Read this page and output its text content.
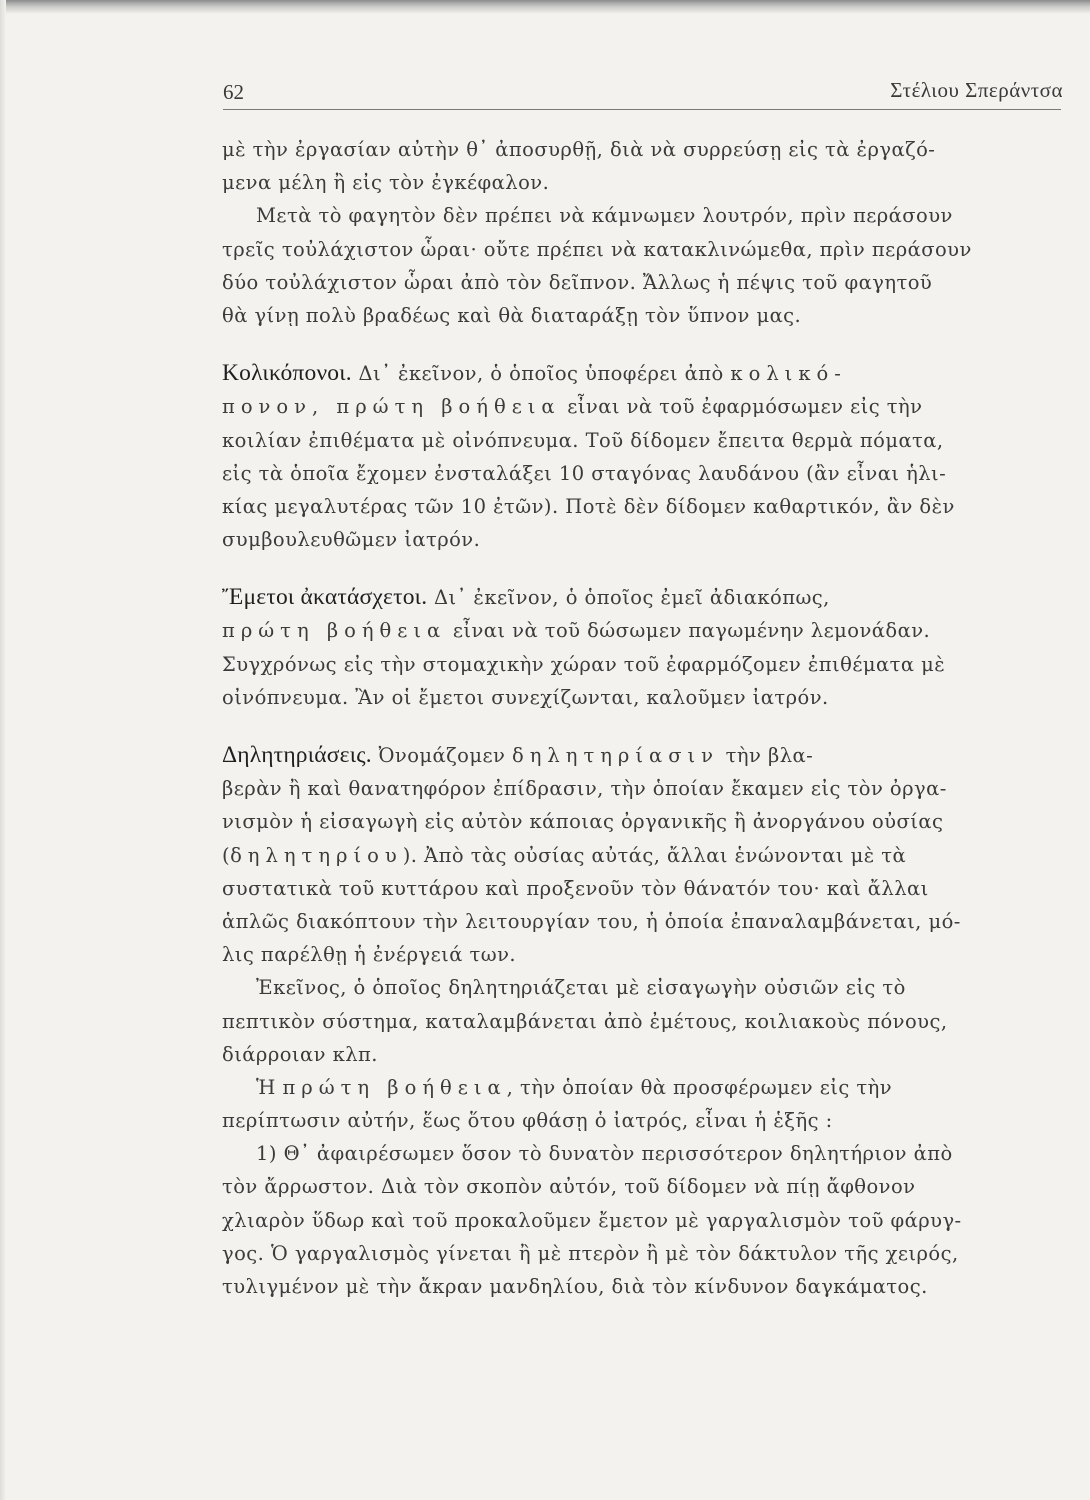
62	Στέλιου Σπεράντσα
μὲ τὴν ἐργασίαν αὐτὴν θ᾽ ἀποσυρθῇ, διὰ νὰ συρρεύσῃ εἰς τὰ ἐργαζό-
μενα μέλη ἢ εἰς τὸν ἐγκέφαλον.
Μετὰ τὸ φαγητὸν δὲν πρέπει νὰ κάμνωμεν λουτρόν, πρὶν περάσουν
τρεῖς τοὐλάχιστον ὧραι· οὔτε πρέπει νὰ κατακλινώμεθα, πρὶν περάσουν
δύο τοὐλάχιστον ὧραι ἀπὸ τὸν δεῖπνον. Ἄλλως ἡ πέψις τοῦ φαγητοῦ
θὰ γίνῃ πολὺ βραδέως καὶ θὰ διαταράξῃ τὸν ὕπνον μας.
Κολικόπονοι. Δι᾽ ἐκεῖνον, ὁ ὁποῖος ὑποφέρει ἀπὸ κολικό-
πονον, πρώτη βοήθεια εἶναι νὰ τοῦ ἐφαρμόσωμεν εἰς τὴν
κοιλίαν ἐπιθέματα μὲ οἰνόπνευμα. Τοῦ δίδομεν ἔπειτα θερμὰ πόματα,
εἰς τὰ ὁποῖα ἔχομεν ἐνσταλάξει 10 σταγόνας λαυδάνου (ἂν εἶναι ἡλι-
κίας μεγαλυτέρας τῶν 10 ἐτῶν). Ποτὲ δὲν δίδομεν καθαρτικόν, ἂν δὲν
συμβουλευθῶμεν ἰατρόν.
Ἔμετοι ἀκατάσχετοι. Δι᾽ ἐκεῖνον, ὁ ὁποῖος ἐμεῖ ἀδιακόπως,
πρώτη βοήθεια εἶναι νὰ τοῦ δώσωμεν παγωμένην λεμονάδαν.
Συγχρόνως εἰς τὴν στομαχικὴν χώραν τοῦ ἐφαρμόζομεν ἐπιθέματα μὲ
οἰνόπνευμα. Ἂν οἱ ἔμετοι συνεχίζωνται, καλοῦμεν ἰατρόν.
Δηλητηριάσεις. Ὀνομάζομεν δηλητηρίασιν τὴν βλα-
βερὰν ἢ καὶ θανατηφόρον ἐπίδρασιν, τὴν ὁποίαν ἔκαμεν εἰς τὸν ὀργα-
νισμὸν ἡ εἰσαγωγὴ εἰς αὐτὸν κάποιας ὀργανικῆς ἢ ἀνοργάνου οὐσίας
(δηλητηρίου). Ἀπὸ τὰς οὐσίας αὐτάς, ἄλλαι ἑνώνονται μὲ τὰ
συστατικὰ τοῦ κυττάρου καὶ προξενοῦν τὸν θάνατόν του· καὶ ἄλλαι
ἁπλῶς διακόπτουν τὴν λειτουργίαν του, ἡ ὁποία ἐπαναλαμβάνεται, μό-
λις παρέλθῃ ἡ ἐνέργειά των.
Ἐκεῖνος, ὁ ὁποῖος δηλητηριάζεται μὲ εἰσαγωγὴν οὐσιῶν εἰς τὸ
πεπτικὸν σύστημα, καταλαμβάνεται ἀπὸ ἐμέτους, κοιλιακοὺς πόνους,
διάρροιαν κλπ.
Ἡ πρώτη βοήθεια, τὴν ὁποίαν θὰ προσφέρωμεν εἰς τὴν
περίπτωσιν αὐτήν, ἕως ὅτου φθάσῃ ὁ ἰατρός, εἶναι ἡ ἑξῆς :
1) Θ᾽ ἀφαιρέσωμεν ὅσον τὸ δυνατὸν περισσότερον δηλητήριον ἀπὸ
τὸν ἄρρωστον. Διὰ τὸν σκοπὸν αὐτόν, τοῦ δίδομεν νὰ πίῃ ἄφθονον
χλιαρὸν ὕδωρ καὶ τοῦ προκαλοῦμεν ἔμετον μὲ γαργαλισμὸν τοῦ φάρυγ-
γος. Ὁ γαργαλισμὸς γίνεται ἢ μὲ πτερὸν ἢ μὲ τὸν δάκτυλον τῆς χειρός,
τυλιγμένον μὲ τὴν ἄκραν μανδηλίου, διὰ τὸν κίνδυνον δαγκάματος.
